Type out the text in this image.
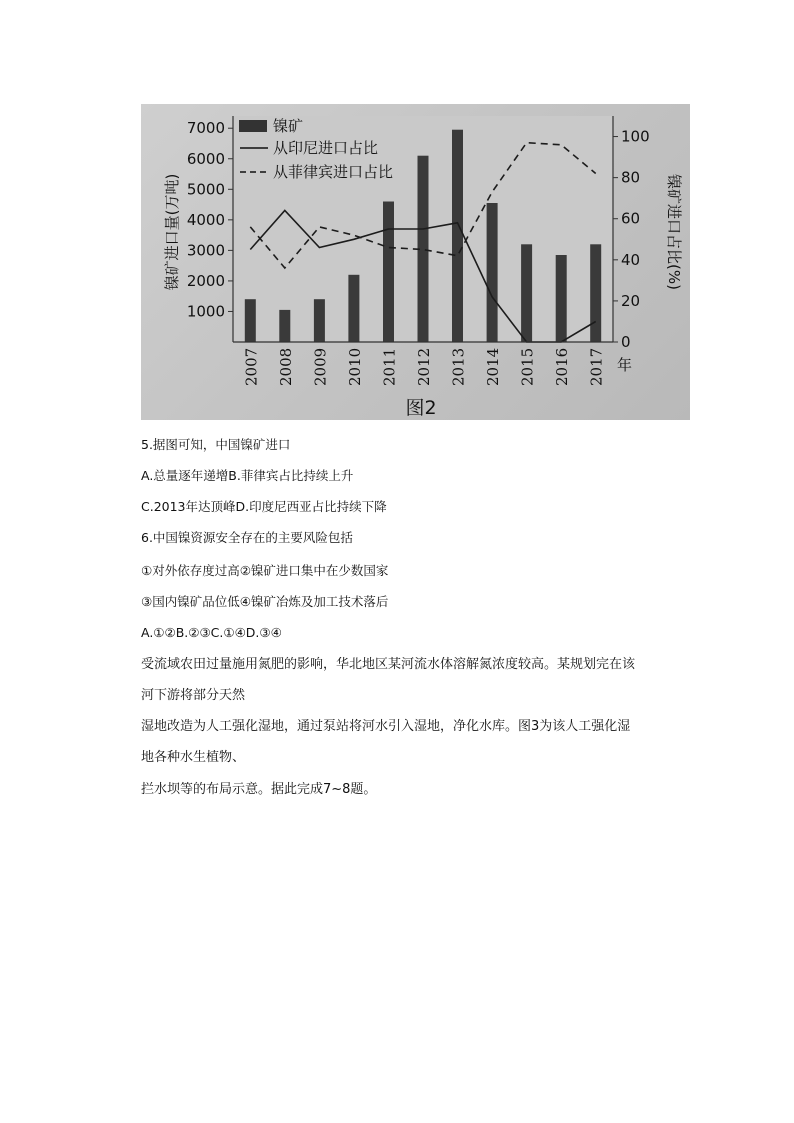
1000
2000
3000
4000
5000
6000
7000
0
20
40
60
80
100
2007 2008 2009 2010 2011 2012 2013 2014 2015 2016 2017
镍矿
从印尼进口占比
从菲律宾进口占比
镍矿进口量(万吨)	镍矿进口占比(%)
年
图2
5.据图可知，中国镍矿进口
A.总量逐年递增B.菲律宾占比持续上升
C.2013年达顶峰D.印度尼西亚占比持续下降
6.中国镍资源安全存在的主要风险包括
①对外依存度过高②镍矿进口集中在少数国家
③国内镍矿品位低④镍矿冶炼及加工技术落后
A.①②B.②③C.①④D.③④
受流域农田过量施用氮肥的影响，华北地区某河流水体溶解氮浓度较高。某规划完在该
河下游将部分天然
湿地改造为人工强化湿地，通过泵站将河水引入湿地，净化水库。图3为该人工强化湿
地各种水生植物、
拦水坝等的布局示意。据此完成7~8题。
